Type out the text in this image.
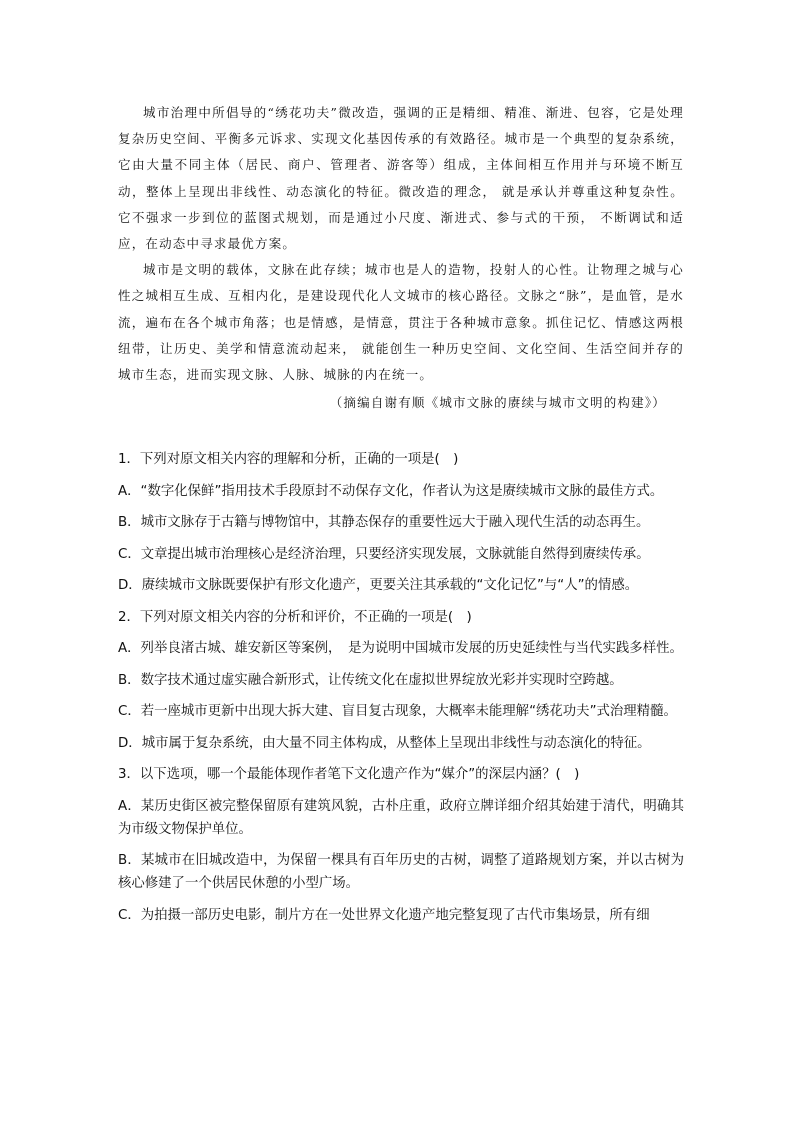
城市治理中所倡导的“绣花功夫”微改造，强调的正是精细、精准、渐进、包容，它是处理复杂历史空间、平衡多元诉求、实现文化基因传承的有效路径。城市是一个典型的复杂系统，它由大量不同主体（居民、商户、管理者、游客等）组成，主体间相互作用并与环境不断互动，整体上呈现出非线性、动态演化的特征。微改造的理念， 就是承认并尊重这种复杂性。它不强求一步到位的蓝图式规划，而是通过小尺度、渐进式、参与式的干预， 不断调试和适应，在动态中寻求最优方案。

城市是文明的载体，文脉在此存续；城市也是人的造物，投射人的心性。让物理之城与心性之城相互生成、互相内化，是建设现代化人文城市的核心路径。文脉之“脉”，是血管，是水流，遍布在各个城市角落；也是情感，是情意，贯注于各种城市意象。抓住记忆、情感这两根纽带，让历史、美学和情意流动起来， 就能创生一种历史空间、文化空间、生活空间并存的城市生态，进而实现文脉、人脉、城脉的内在统一。

（摘编自谢有顺《城市文脉的赓续与城市文明的构建》）
1．下列对原文相关内容的理解和分析，正确的一项是(　)
A．“数字化保鲜”指用技术手段原封不动保存文化，作者认为这是赓续城市文脉的最佳方式。
B．城市文脉存于古籍与博物馆中，其静态保存的重要性远大于融入现代生活的动态再生。
C．文章提出城市治理核心是经济治理，只要经济实现发展，文脉就能自然得到赓续传承。
D．赓续城市文脉既要保护有形文化遗产，更要关注其承载的“文化记忆”与“人”的情感。
2．下列对原文相关内容的分析和评价，不正确的一项是(　)
A．列举良渚古城、雄安新区等案例，　是为说明中国城市发展的历史延续性与当代实践多样性。
B．数字技术通过虚实融合新形式，让传统文化在虚拟世界绽放光彩并实现时空跨越。
C．若一座城市更新中出现大拆大建、盲目复古现象，大概率未能理解“绣花功夫”式治理精髓。
D．城市属于复杂系统，由大量不同主体构成，从整体上呈现出非线性与动态演化的特征。
3．以下选项，哪一个最能体现作者笔下文化遗产作为“媒介”的深层内涵？(　)
A．某历史街区被完整保留原有建筑风貌，古朴庄重，政府立牌详细介绍其始建于清代，明确其为市级文物保护单位。
B．某城市在旧城改造中，为保留一棵具有百年历史的古树，调整了道路规划方案，并以古树为核心修建了一个供居民休憩的小型广场。
C．为拍摄一部历史电影，制片方在一处世界文化遗产地完整复现了古代市集场景，所有细
